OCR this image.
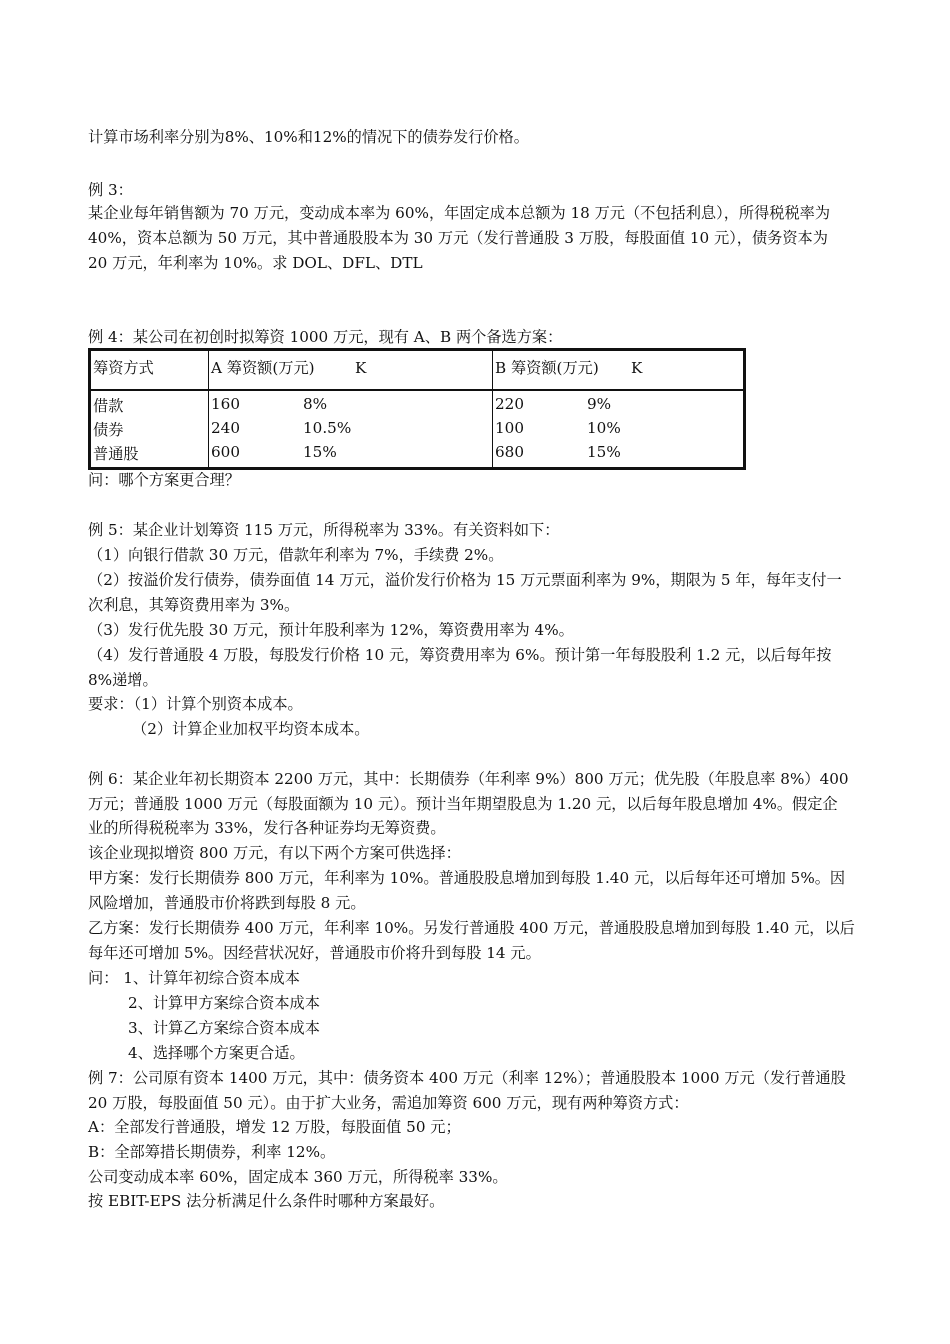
计算市场利率分别为8%、10%和12%的情况下的债券发行价格。
例 3：
某企业每年销售额为 70 万元，变动成本率为 60%，年固定成本总额为 18 万元（不包括利息），所得税税率为
40%，资本总额为 50 万元，其中普通股股本为 30 万元（发行普通股 3 万股，每股面值 10 元），债务资本为
20 万元，年利率为 10%。求 DOL、DFL、DTL
例 4：某公司在初创时拟筹资 1000 万元，现有 A、B 两个备选方案：
筹资方式	A 筹资额(万元) K	B 筹资额(万元) K
借款	160 8%	220 9%
债券	240 10.5%	100 10%
普通股	600 15%	680 15%
问：哪个方案更合理？
例 5：某企业计划筹资 115 万元，所得税率为 33%。有关资料如下：
（1）向银行借款 30 万元，借款年利率为 7%，手续费 2%。
（2）按溢价发行债券，债券面值 14 万元，溢价发行价格为 15 万元票面利率为 9%，期限为 5 年，每年支付一
次利息，其筹资费用率为 3%。
（3）发行优先股 30 万元，预计年股利率为 12%，筹资费用率为 4%。
（4）发行普通股 4 万股，每股发行价格 10 元，筹资费用率为 6%。预计第一年每股股利 1.2 元，以后每年按
8%递增。
要求：（1）计算个别资本成本。
（2）计算企业加权平均资本成本。
例 6：某企业年初长期资本 2200 万元，其中：长期债券（年利率 9%）800 万元；优先股（年股息率 8%）400
万元；普通股 1000 万元（每股面额为 10 元）。预计当年期望股息为 1.20 元，以后每年股息增加 4%。假定企
业的所得税税率为 33%，发行各种证券均无筹资费。
该企业现拟增资 800 万元，有以下两个方案可供选择：
甲方案：发行长期债券 800 万元，年利率为 10%。普通股股息增加到每股 1.40 元，以后每年还可增加 5%。因
风险增加，普通股市价将跌到每股 8 元。
乙方案：发行长期债券 400 万元，年利率 10%。另发行普通股 400 万元，普通股股息增加到每股 1.40 元，以后
每年还可增加 5%。因经营状况好，普通股市价将升到每股 14 元。
问： 1、计算年初综合资本成本
2、计算甲方案综合资本成本
3、计算乙方案综合资本成本
4、选择哪个方案更合适。
例 7：公司原有资本 1400 万元，其中：债务资本 400 万元（利率 12%）；普通股股本 1000 万元（发行普通股
20 万股，每股面值 50 元）。由于扩大业务，需追加筹资 600 万元，现有两种筹资方式：
A：全部发行普通股，增发 12 万股，每股面值 50 元；
B：全部筹措长期债券，利率 12%。
公司变动成本率 60%，固定成本 360 万元，所得税率 33%。
按 EBIT-EPS 法分析满足什么条件时哪种方案最好。
